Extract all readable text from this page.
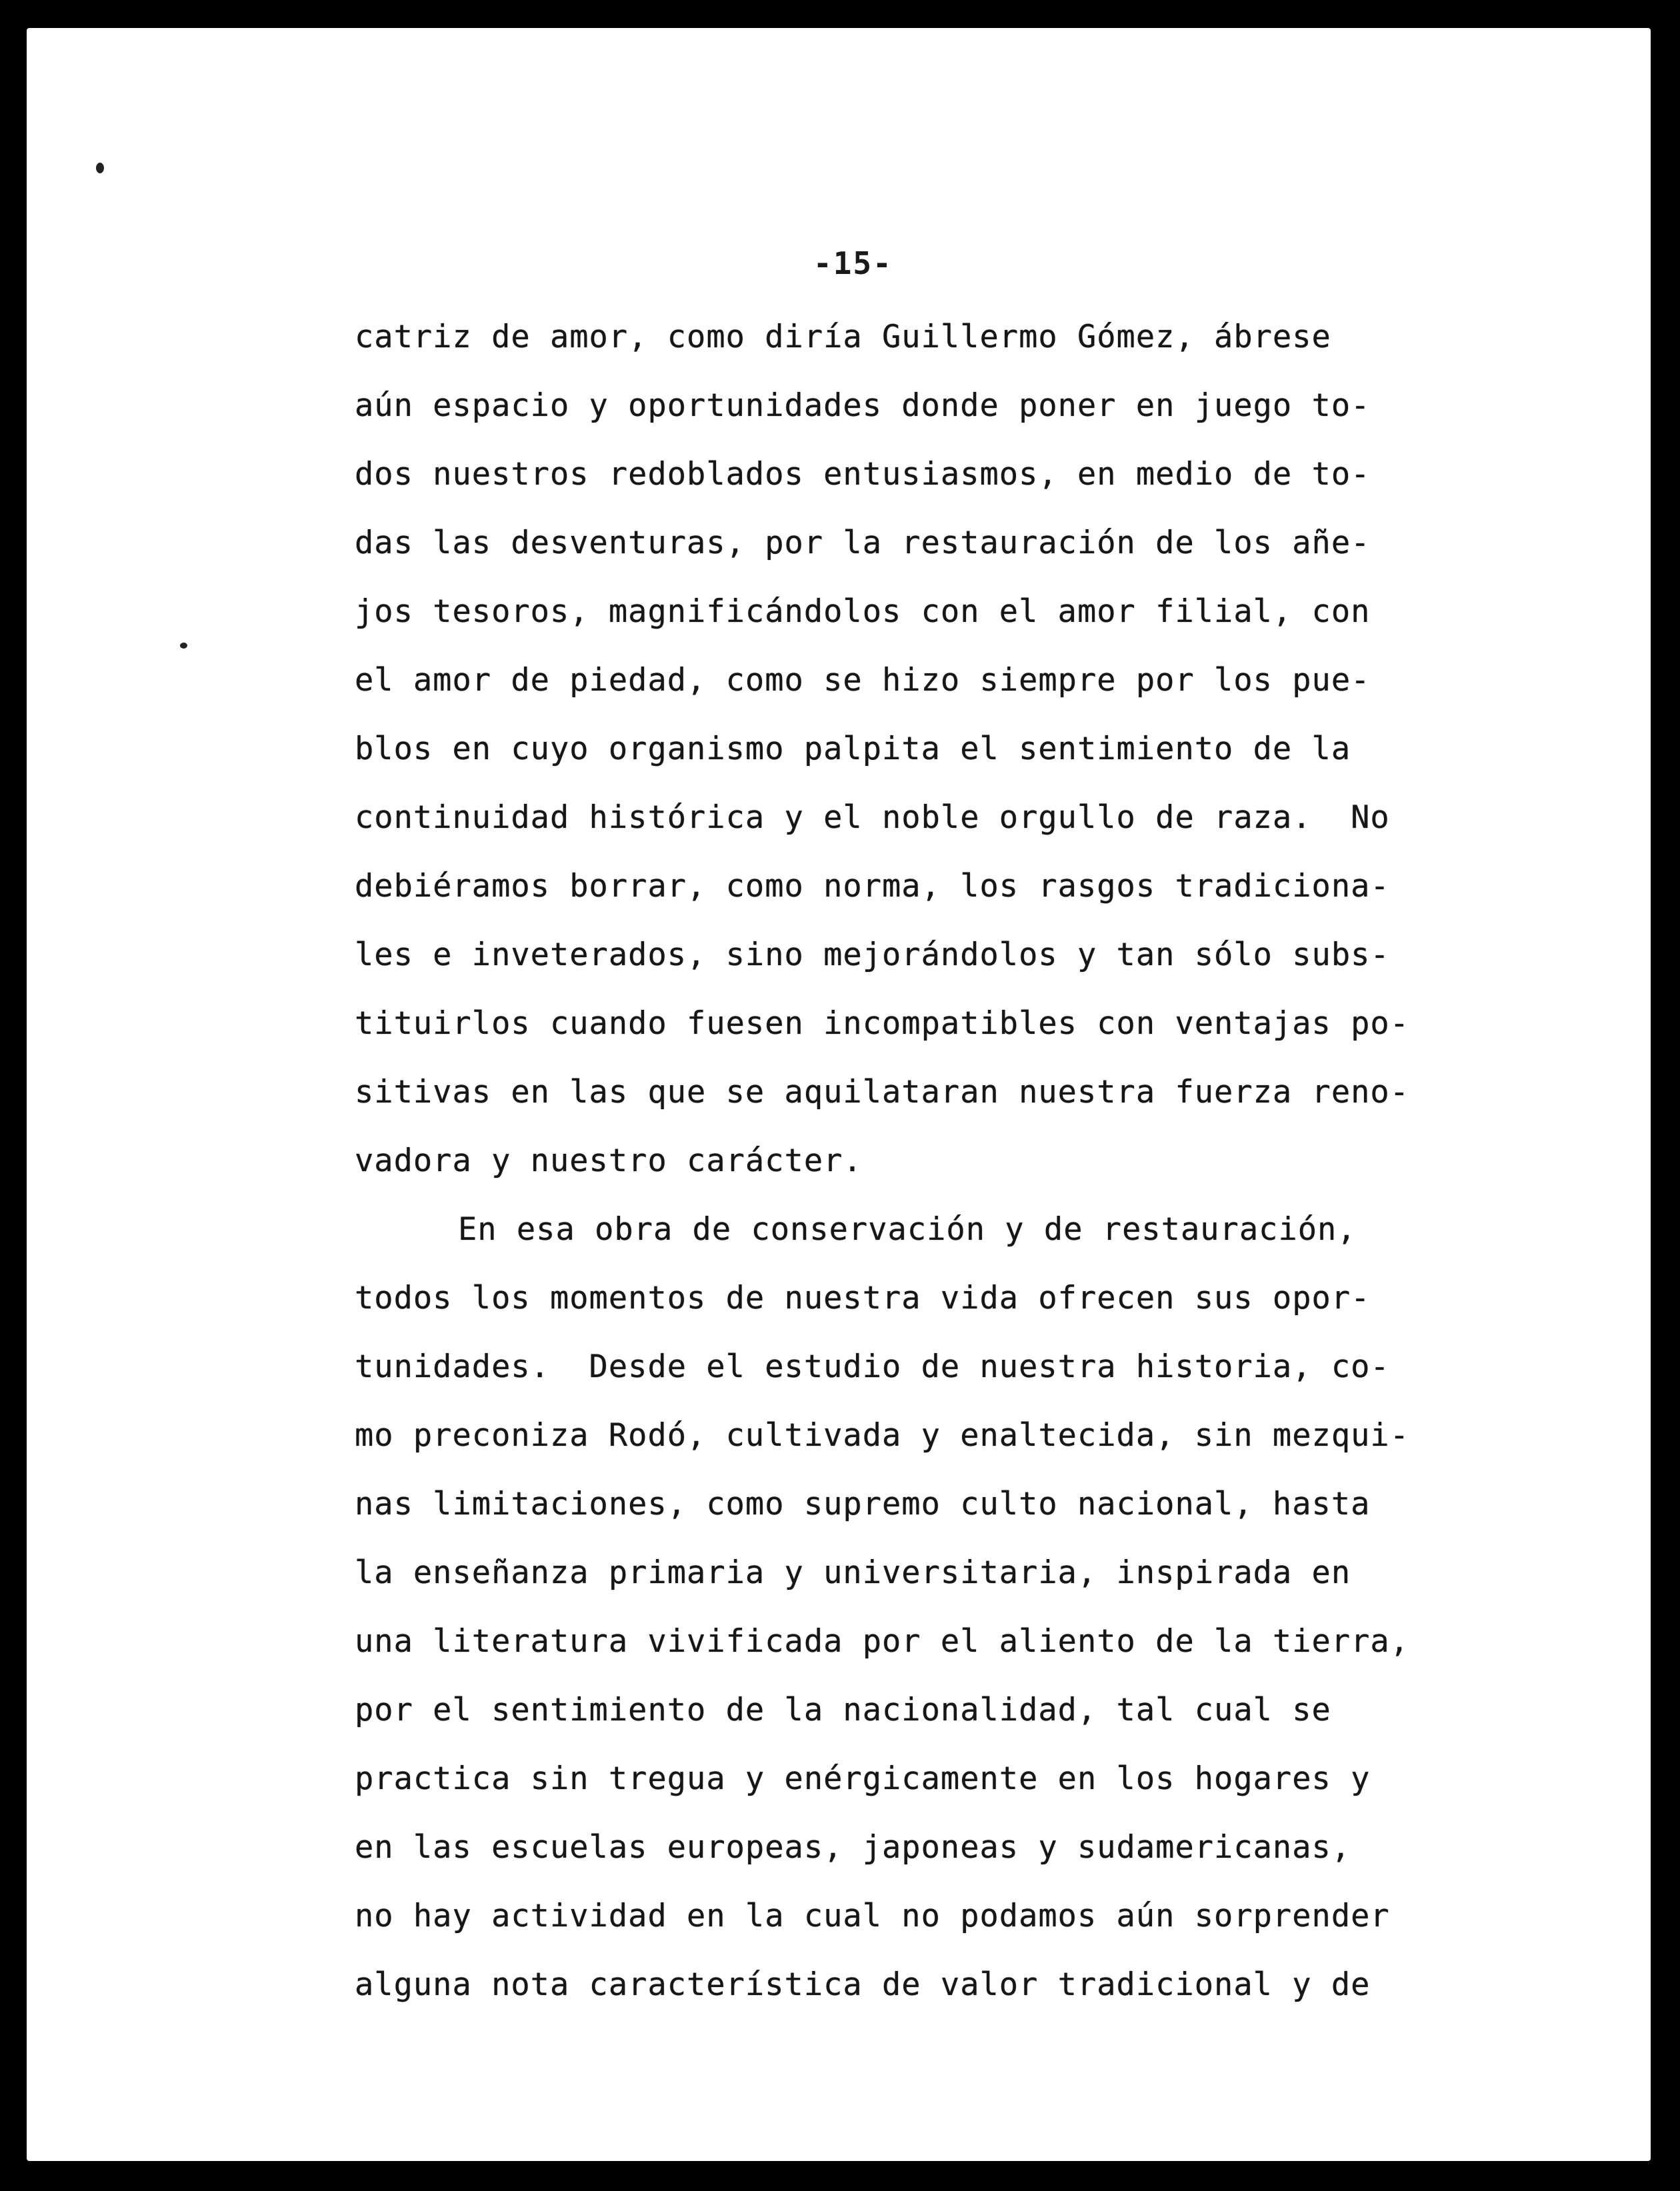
-15-
catriz de amor, como diría Guillermo Gómez, ábrese
aún espacio y oportunidades donde poner en juego to-
dos nuestros redoblados entusiasmos, en medio de to-
das las desventuras, por la restauración de los añe-
jos tesoros, magnificándolos con el amor filial, con
el amor de piedad, como se hizo siempre por los pue-
blos en cuyo organismo palpita el sentimiento de la
continuidad histórica y el noble orgullo de raza.  No
debiéramos borrar, como norma, los rasgos tradiciona-
les e inveterados, sino mejorándolos y tan sólo subs-
tituirlos cuando fuesen incompatibles con ventajas po-
sitivas en las que se aquilataran nuestra fuerza reno-
vadora y nuestro carácter.
En esa obra de conservación y de restauración,
todos los momentos de nuestra vida ofrecen sus opor-
tunidades.  Desde el estudio de nuestra historia, co-
mo preconiza Rodó, cultivada y enaltecida, sin mezqui-
nas limitaciones, como supremo culto nacional, hasta
la enseñanza primaria y universitaria, inspirada en
una literatura vivificada por el aliento de la tierra,
por el sentimiento de la nacionalidad, tal cual se
practica sin tregua y enérgicamente en los hogares y
en las escuelas europeas, japoneas y sudamericanas,
no hay actividad en la cual no podamos aún sorprender
alguna nota característica de valor tradicional y de
